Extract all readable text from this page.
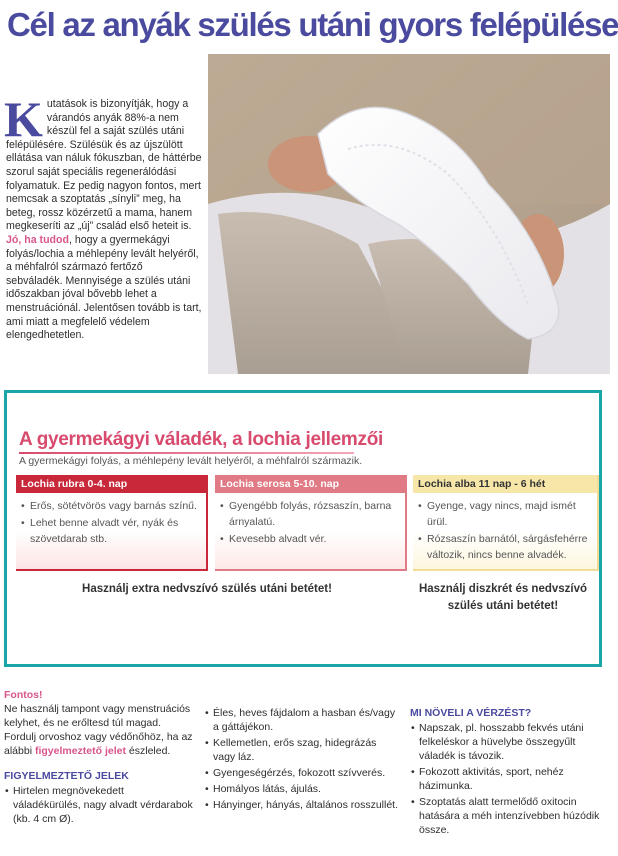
Cél az anyák szülés utáni gyors felépülése
K utatások is bizonyítják, hogy a várandós anyák 88%-a nem készül fel a saját szülés utáni felépülésére. Szülésük és az újszülött ellátása van náluk fókuszban, de háttérbe szorul saját speciális regenerálódási folyamatuk. Ez pedig nagyon fontos, mert nemcsak a szoptatás „sínyli” meg, ha beteg, rossz közérzetű a mama, hanem megkeseríti az „új” család első heteit is.
Jó, ha tudod, hogy a gyermekágyi folyás/lochia a méhlepény levált helyéről, a méhfalról származó fertőző sebváladék. Mennyisége a szülés utáni időszakban jóval bővebb lehet a menstruációnál. Jelentősen tovább is tart, ami miatt a megfelelő védelem elengedhetetlen.
A gyermekágyi váladék, a lochia jellemzői
A gyermekágyi folyás, a méhlepény levált helyéről, a méhfalról származik.
Lochia rubra 0-4. nap
• Erős, sötétvörös vagy barnás színű.
• Lehet benne alvadt vér, nyák és szövetdarab stb.
Lochia serosa 5-10. nap
• Gyengébb folyás, rózsaszín, barna árnyalatú.
• Kevesebb alvadt vér.
Lochia alba 11 nap - 6 hét
• Gyenge, vagy nincs, majd ismét ürül.
• Rózsaszín barnától, sárgásfehérre változik, nincs benne alvadék.
Használj extra nedvszívó szülés utáni betétet!	Használj diszkrét és nedvszívó szülés utáni betétet!
Fontos!
Ne használj tampont vagy menstruációs kelyhet, és ne erőltesd túl magad. Fordulj orvoshoz vagy védőnőhöz, ha az alábbi figyelmeztető jelet észleled.
FIGYELMEZTETŐ JELEK
• Hirtelen megnövekedett váladékürülés, nagy alvadt vérdarabok (kb. 4 cm Ø).
• Éles, heves fájdalom a hasban és/vagy a gáttájékon.
• Kellemetlen, erős szag, hidegrázás vagy láz.
• Gyengeségérzés, fokozott szívverés.
• Homályos látás, ájulás.
• Hányinger, hányás, általános rosszullét.
MI NÖVELI A VÉRZÉST?
• Napszak, pl. hosszabb fekvés utáni felkeléskor a hüvelybe összegyűlt váladék is távozik.
• Fokozott aktivitás, sport, nehéz házimunka.
• Szoptatás alatt termelődő oxitocin hatására a méh intenzívebben húzódik össze.
